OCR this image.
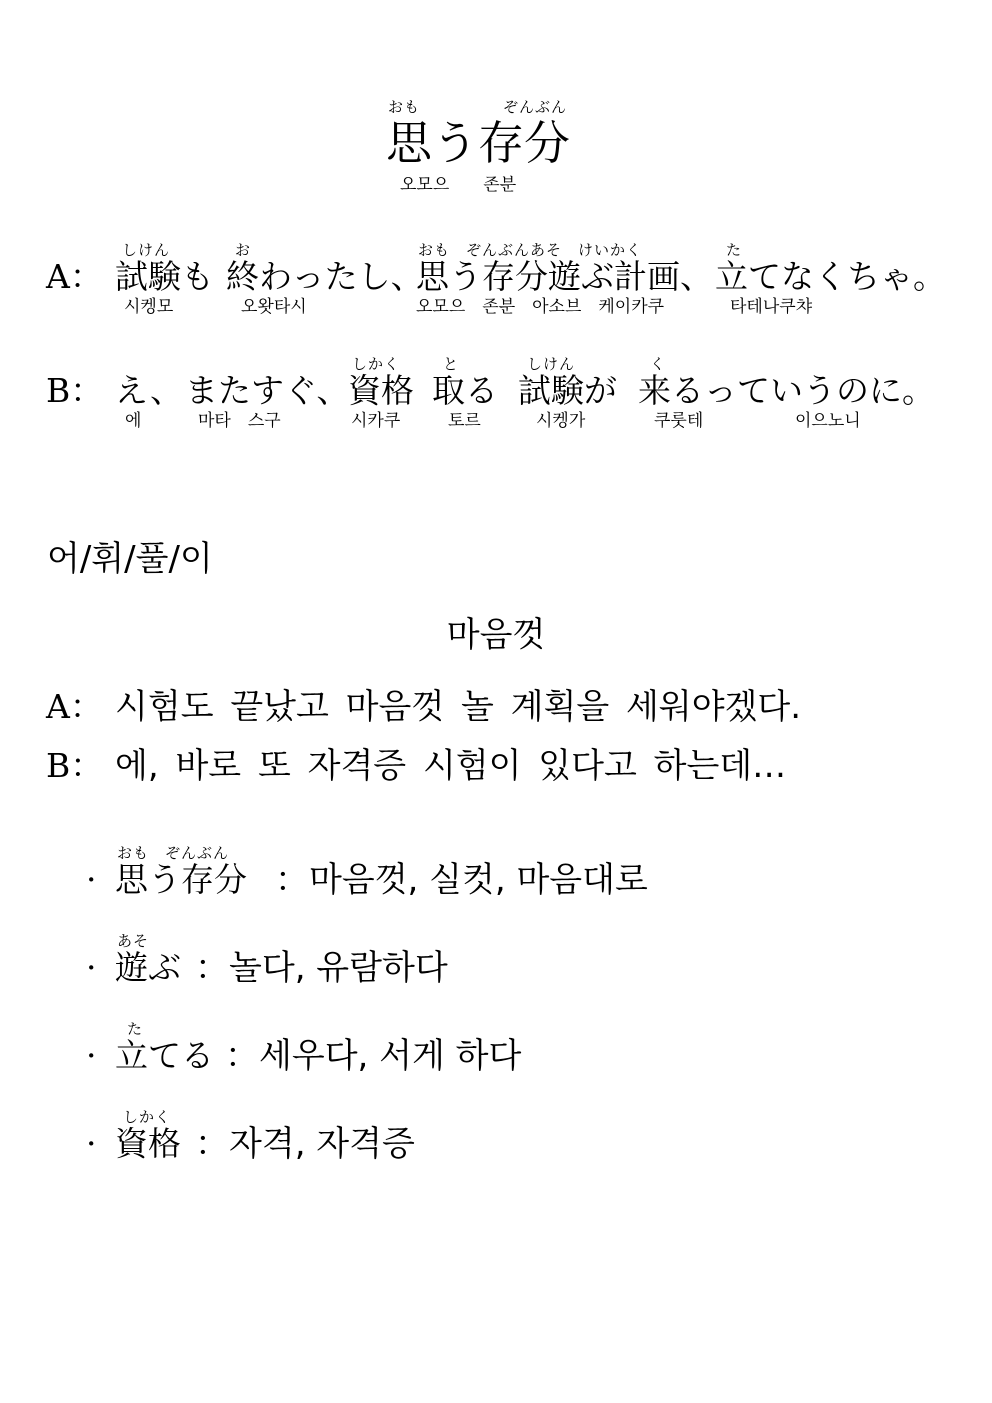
おも	ぞんぶん
思う存分
오모으　　존분
A：
しけん
試験も
お
終わったし、
おも　ぞんぶんあそ　けいかく
思う存分遊ぶ計画、
た
立てなくちゃ。
시켕모	오왓타시	오모으　존분　아소브　케이카쿠	타테나쿠챠
B： え、 またすぐ、
しかく
資格
と
取る
しけん
試験が
く
来るっていうのに。
에	마타　스구	시카쿠	토르	시켕가	쿠룻테	이으노니
어/휘/풀/이
마음껏
A： 시험도 끝났고 마음껏 놀 계획을 세워야겠다.
B： 에, 바로 또 자격증 시험이 있다고 하는데…
·
おも　ぞんぶん
思う存分 ：마음껏, 실컷, 마음대로
·
あそ
遊ぶ ：놀다, 유람하다
·
た
立てる ：세우다, 서게 하다
·
しかく
資格 ：자격, 자격증
